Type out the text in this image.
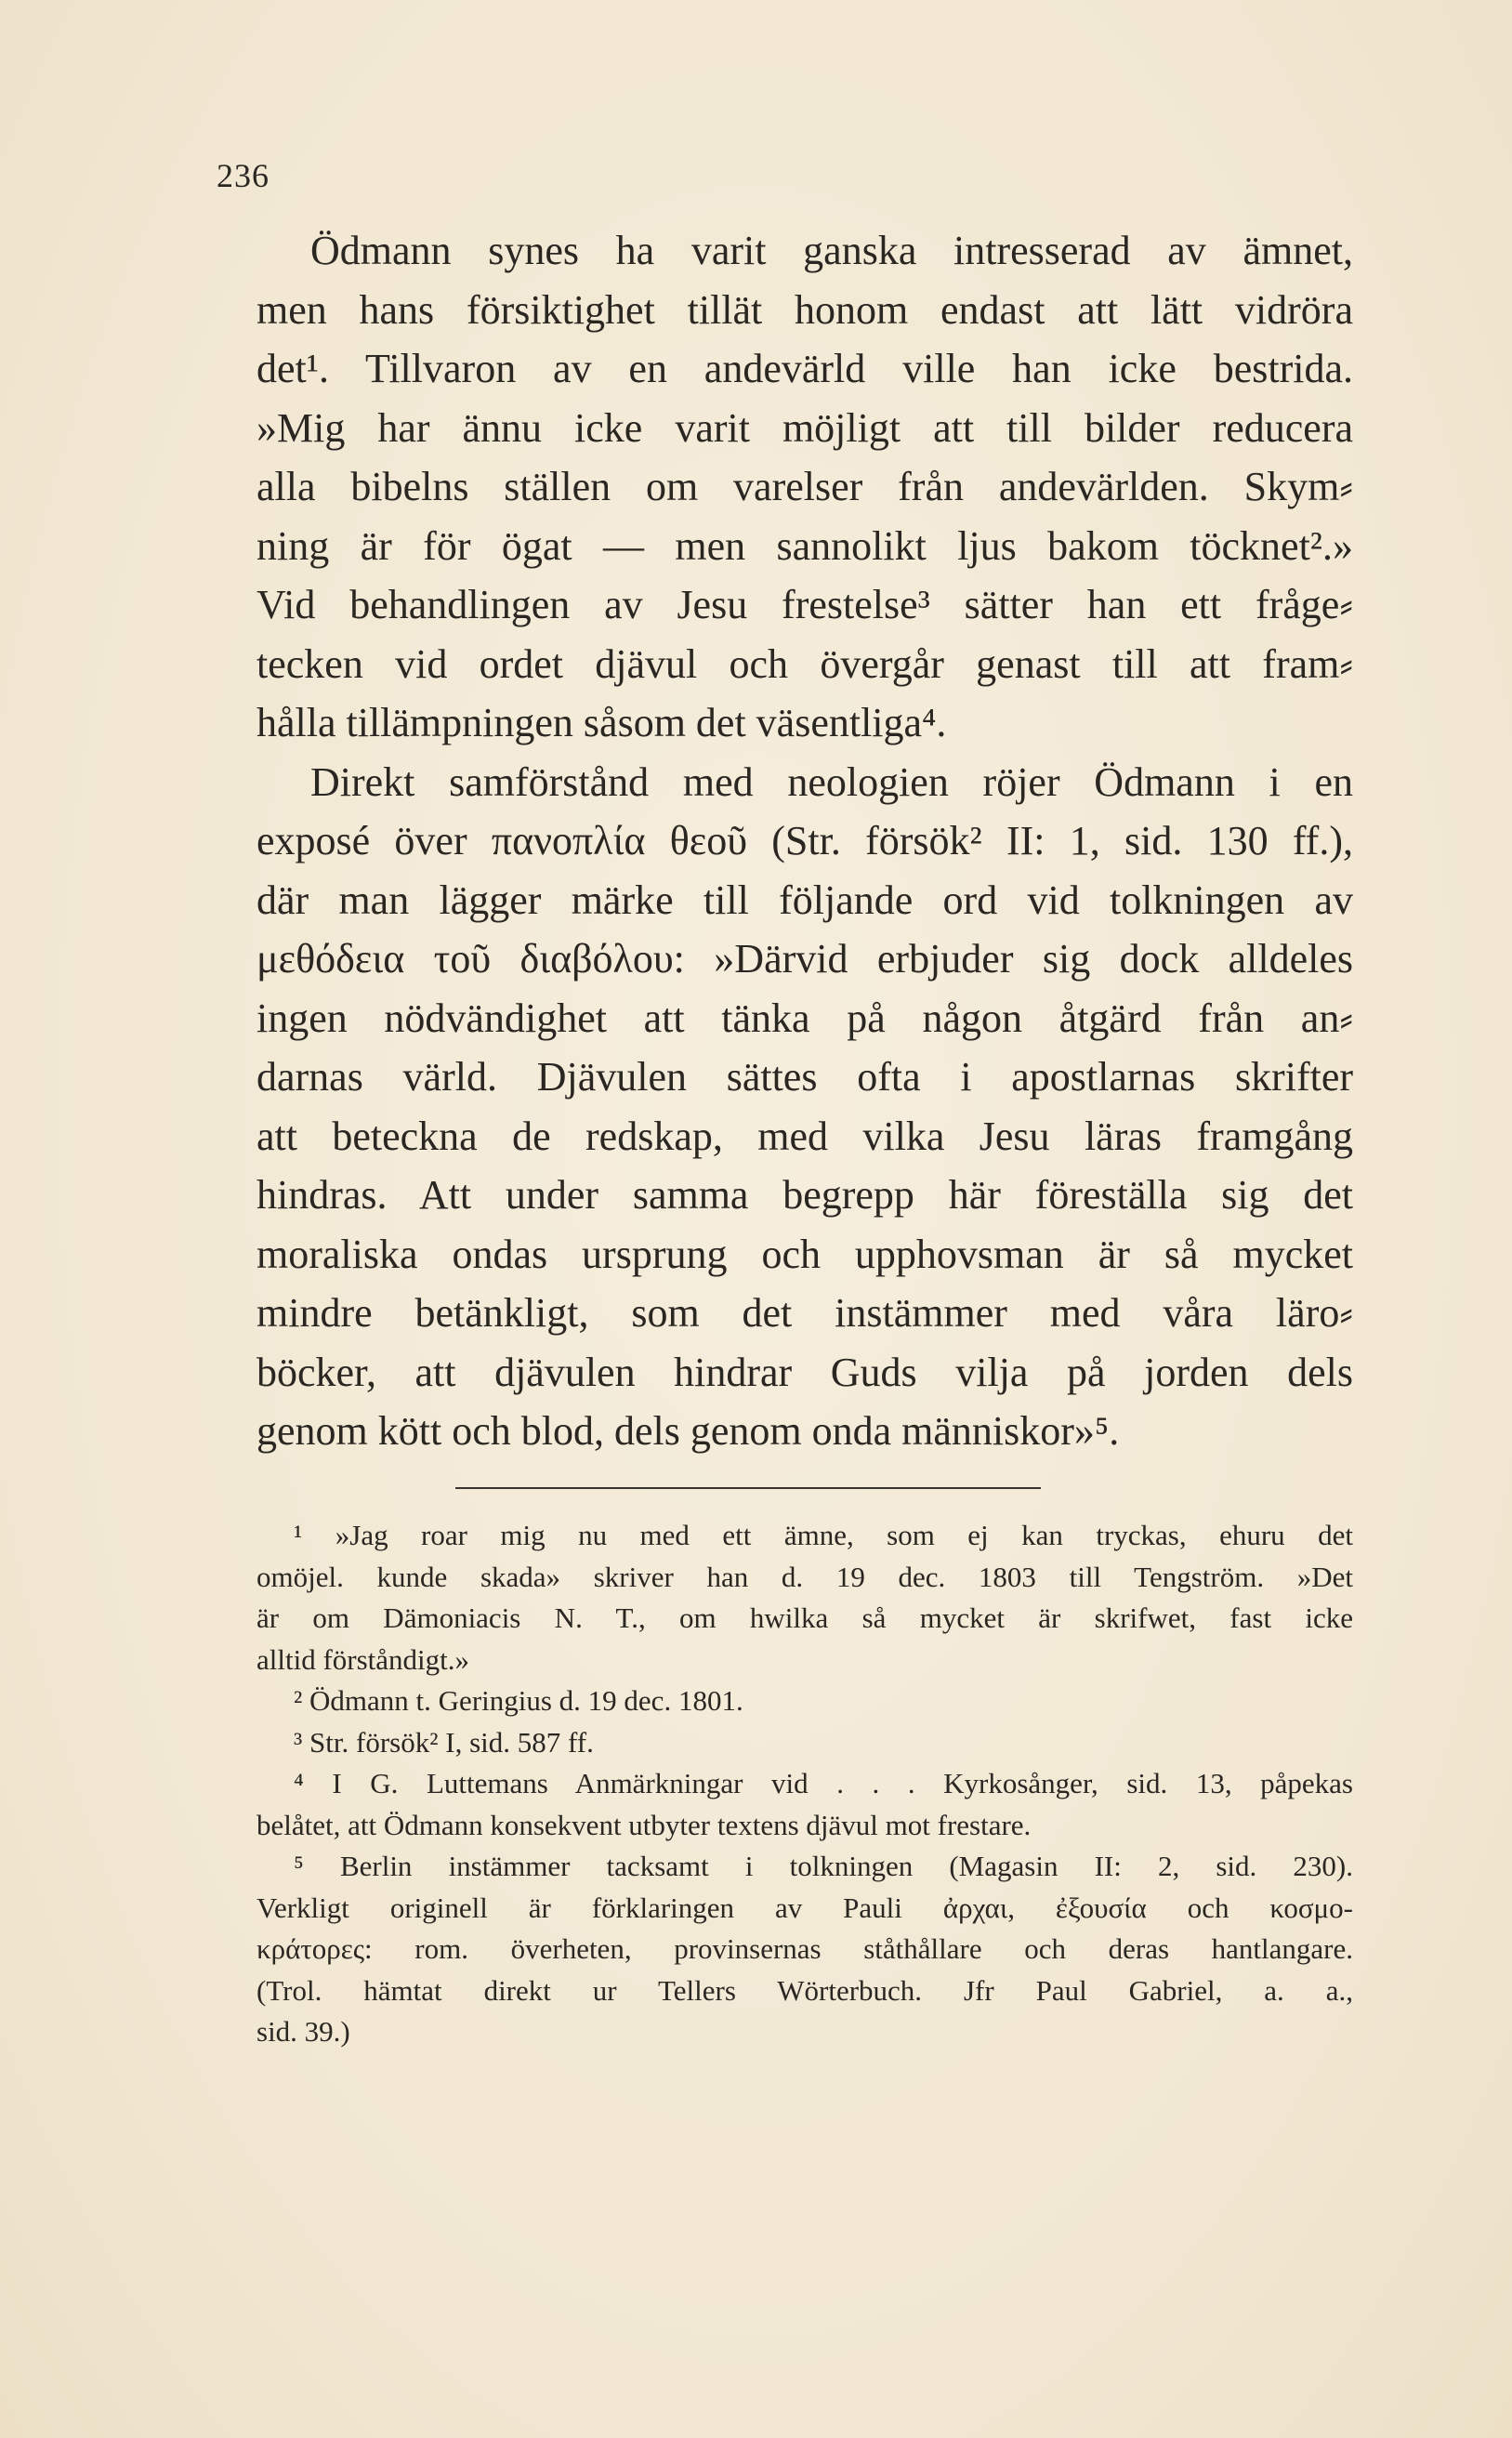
236
Ödmann synes ha varit ganska intresserad av ämnet,
men hans försiktighet tillät honom endast att lätt vidröra
det¹. Tillvaron av en andevärld ville han icke bestrida.
»Mig har ännu icke varit möjligt att till bilder reducera
alla bibelns ställen om varelser från andevärlden. Skym⸗
ning är för ögat — men sannolikt ljus bakom töcknet².»
Vid behandlingen av Jesu frestelse³ sätter han ett fråge⸗
tecken vid ordet djävul och övergår genast till att fram⸗
hålla tillämpningen såsom det väsentliga⁴.
Direkt samförstånd med neologien röjer Ödmann i en
exposé över πανοπλία θεοῦ (Str. försök² II: 1, sid. 130 ff.),
där man lägger märke till följande ord vid tolkningen av
μεθόδεια τοῦ διαβόλου: »Därvid erbjuder sig dock alldeles
ingen nödvändighet att tänka på någon åtgärd från an⸗
darnas värld. Djävulen sättes ofta i apostlarnas skrifter
att beteckna de redskap, med vilka Jesu läras framgång
hindras. Att under samma begrepp här föreställa sig det
moraliska ondas ursprung och upphovsman är så mycket
mindre betänkligt, som det instämmer med våra läro⸗
böcker, att djävulen hindrar Guds vilja på jorden dels
genom kött och blod, dels genom onda människor»⁵.
¹ »Jag roar mig nu med ett ämne, som ej kan tryckas, ehuru det
omöjel. kunde skada» skriver han d. 19 dec. 1803 till Tengström. »Det
är om Dämoniacis N. T., om hwilka så mycket är skrifwet, fast icke
alltid förståndigt.»
² Ödmann t. Geringius d. 19 dec. 1801.
³ Str. försök² I, sid. 587 ff.
⁴ I G. Luttemans Anmärkningar vid . . . Kyrkosånger, sid. 13, påpekas
belåtet, att Ödmann konsekvent utbyter textens djävul mot frestare.
⁵ Berlin instämmer tacksamt i tolkningen (Magasin II: 2, sid. 230).
Verkligt originell är förklaringen av Pauli ἀρχαι, ἐξουσία och κοσμο-
κράτορες: rom. överheten, provinsernas ståthållare och deras hantlangare.
(Trol. hämtat direkt ur Tellers Wörterbuch. Jfr Paul Gabriel, a. a.,
sid. 39.)
